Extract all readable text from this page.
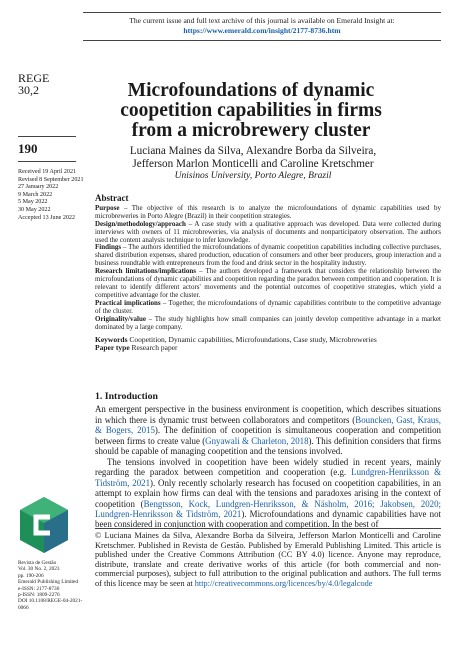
The current issue and full text archive of this journal is available on Emerald Insight at:
https://www.emerald.com/insight/2177-8736.htm
REGE
30,2
190
Received 19 April 2021
Revised 8 September 2021
27 January 2022
9 March 2022
5 May 2022
30 May 2022
Accepted 13 June 2022
Microfoundations of dynamic coopetition capabilities in firms from a microbrewery cluster
Luciana Maines da Silva, Alexandre Borba da Silveira,
Jefferson Marlon Monticelli and Caroline Kretschmer
Unisinos University, Porto Alegre, Brazil
Abstract

Purpose – The objective of this research is to analyze the microfoundations of dynamic capabilities used by microbreweries in Porto Alegre (Brazil) in their coopetition strategies.

Design/methodology/approach – A case study with a qualitative approach was developed. Data were collected during interviews with owners of 11 microbreweries, via analysis of documents and nonparticipatory observation. The authors used the content analysis technique to infer knowledge.

Findings – The authors identified the microfoundations of dynamic coopetition capabilities including collective purchases, shared distribution expenses, shared production, education of consumers and other beer producers, group interaction and a business roundtable with entrepreneurs from the food and drink sector in the hospitality industry.

Research limitations/implications – The authors developed a framework that considers the relationship between the microfoundations of dynamic capabilities and coopetition regarding the paradox between competition and cooperation. It is relevant to identify different actors' movements and the potential outcomes of coopetitive strategies, which yield a competitive advantage for the cluster.

Practical implications – Together, the microfoundations of dynamic capabilities contribute to the competitive advantage of the cluster.

Originality/value – The study highlights how small companies can jointly develop competitive advantage in a market dominated by a large company.

Keywords Coopetition, Dynamic capabilities, Microfoundations, Case study, Microbreweries

Paper type Research paper

1. Introduction

An emergent perspective in the business environment is coopetition, which describes situations in which there is dynamic trust between collaborators and competitors (Bouncken, Gast, Kraus, & Bogers, 2015). The definition of coopetition is simultaneous cooperation and competition between firms to create value (Gnyawali & Charleton, 2018). This definition considers that firms should be capable of managing coopetition and the tensions involved.

The tensions involved in coopetition have been widely studied in recent years, mainly regarding the paradox between competition and cooperation (e.g. Lundgren-Henriksson & Tidström, 2021). Only recently scholarly research has focused on coopetition capabilities, in an attempt to explain how firms can deal with the tensions and paradoxes arising in the context of coopetition (Bengtsson, Kock, Lundgren-Henriksson, & Näsholm, 2016; Jakobsen, 2020; Lundgren-Henriksson & Tidström, 2021). Microfoundations and dynamic capabilities have not been considered in conjunction with cooperation and competition. In the best of

Revista de Gestão
Vol. 30 No. 2, 2023
pp. 190-206
Emerald Publishing Limited
e-ISSN: 2177-8736
p-ISSN: 1809-2276
DOI 10.1108/REGE-04-2021-0066
© Luciana Maines da Silva, Alexandre Borba da Silveira, Jefferson Marlon Monticelli and Caroline Kretschmer. Published in Revista de Gestão. Published by Emerald Publishing Limited. This article is published under the Creative Commons Attribution (CC BY 4.0) licence. Anyone may reproduce, distribute, translate and create derivative works of this article (for both commercial and non-commercial purposes), subject to full attribution to the original publication and authors. The full terms of this licence may be seen at http://creativecommons.org/licences/by/4.0/legalcode
